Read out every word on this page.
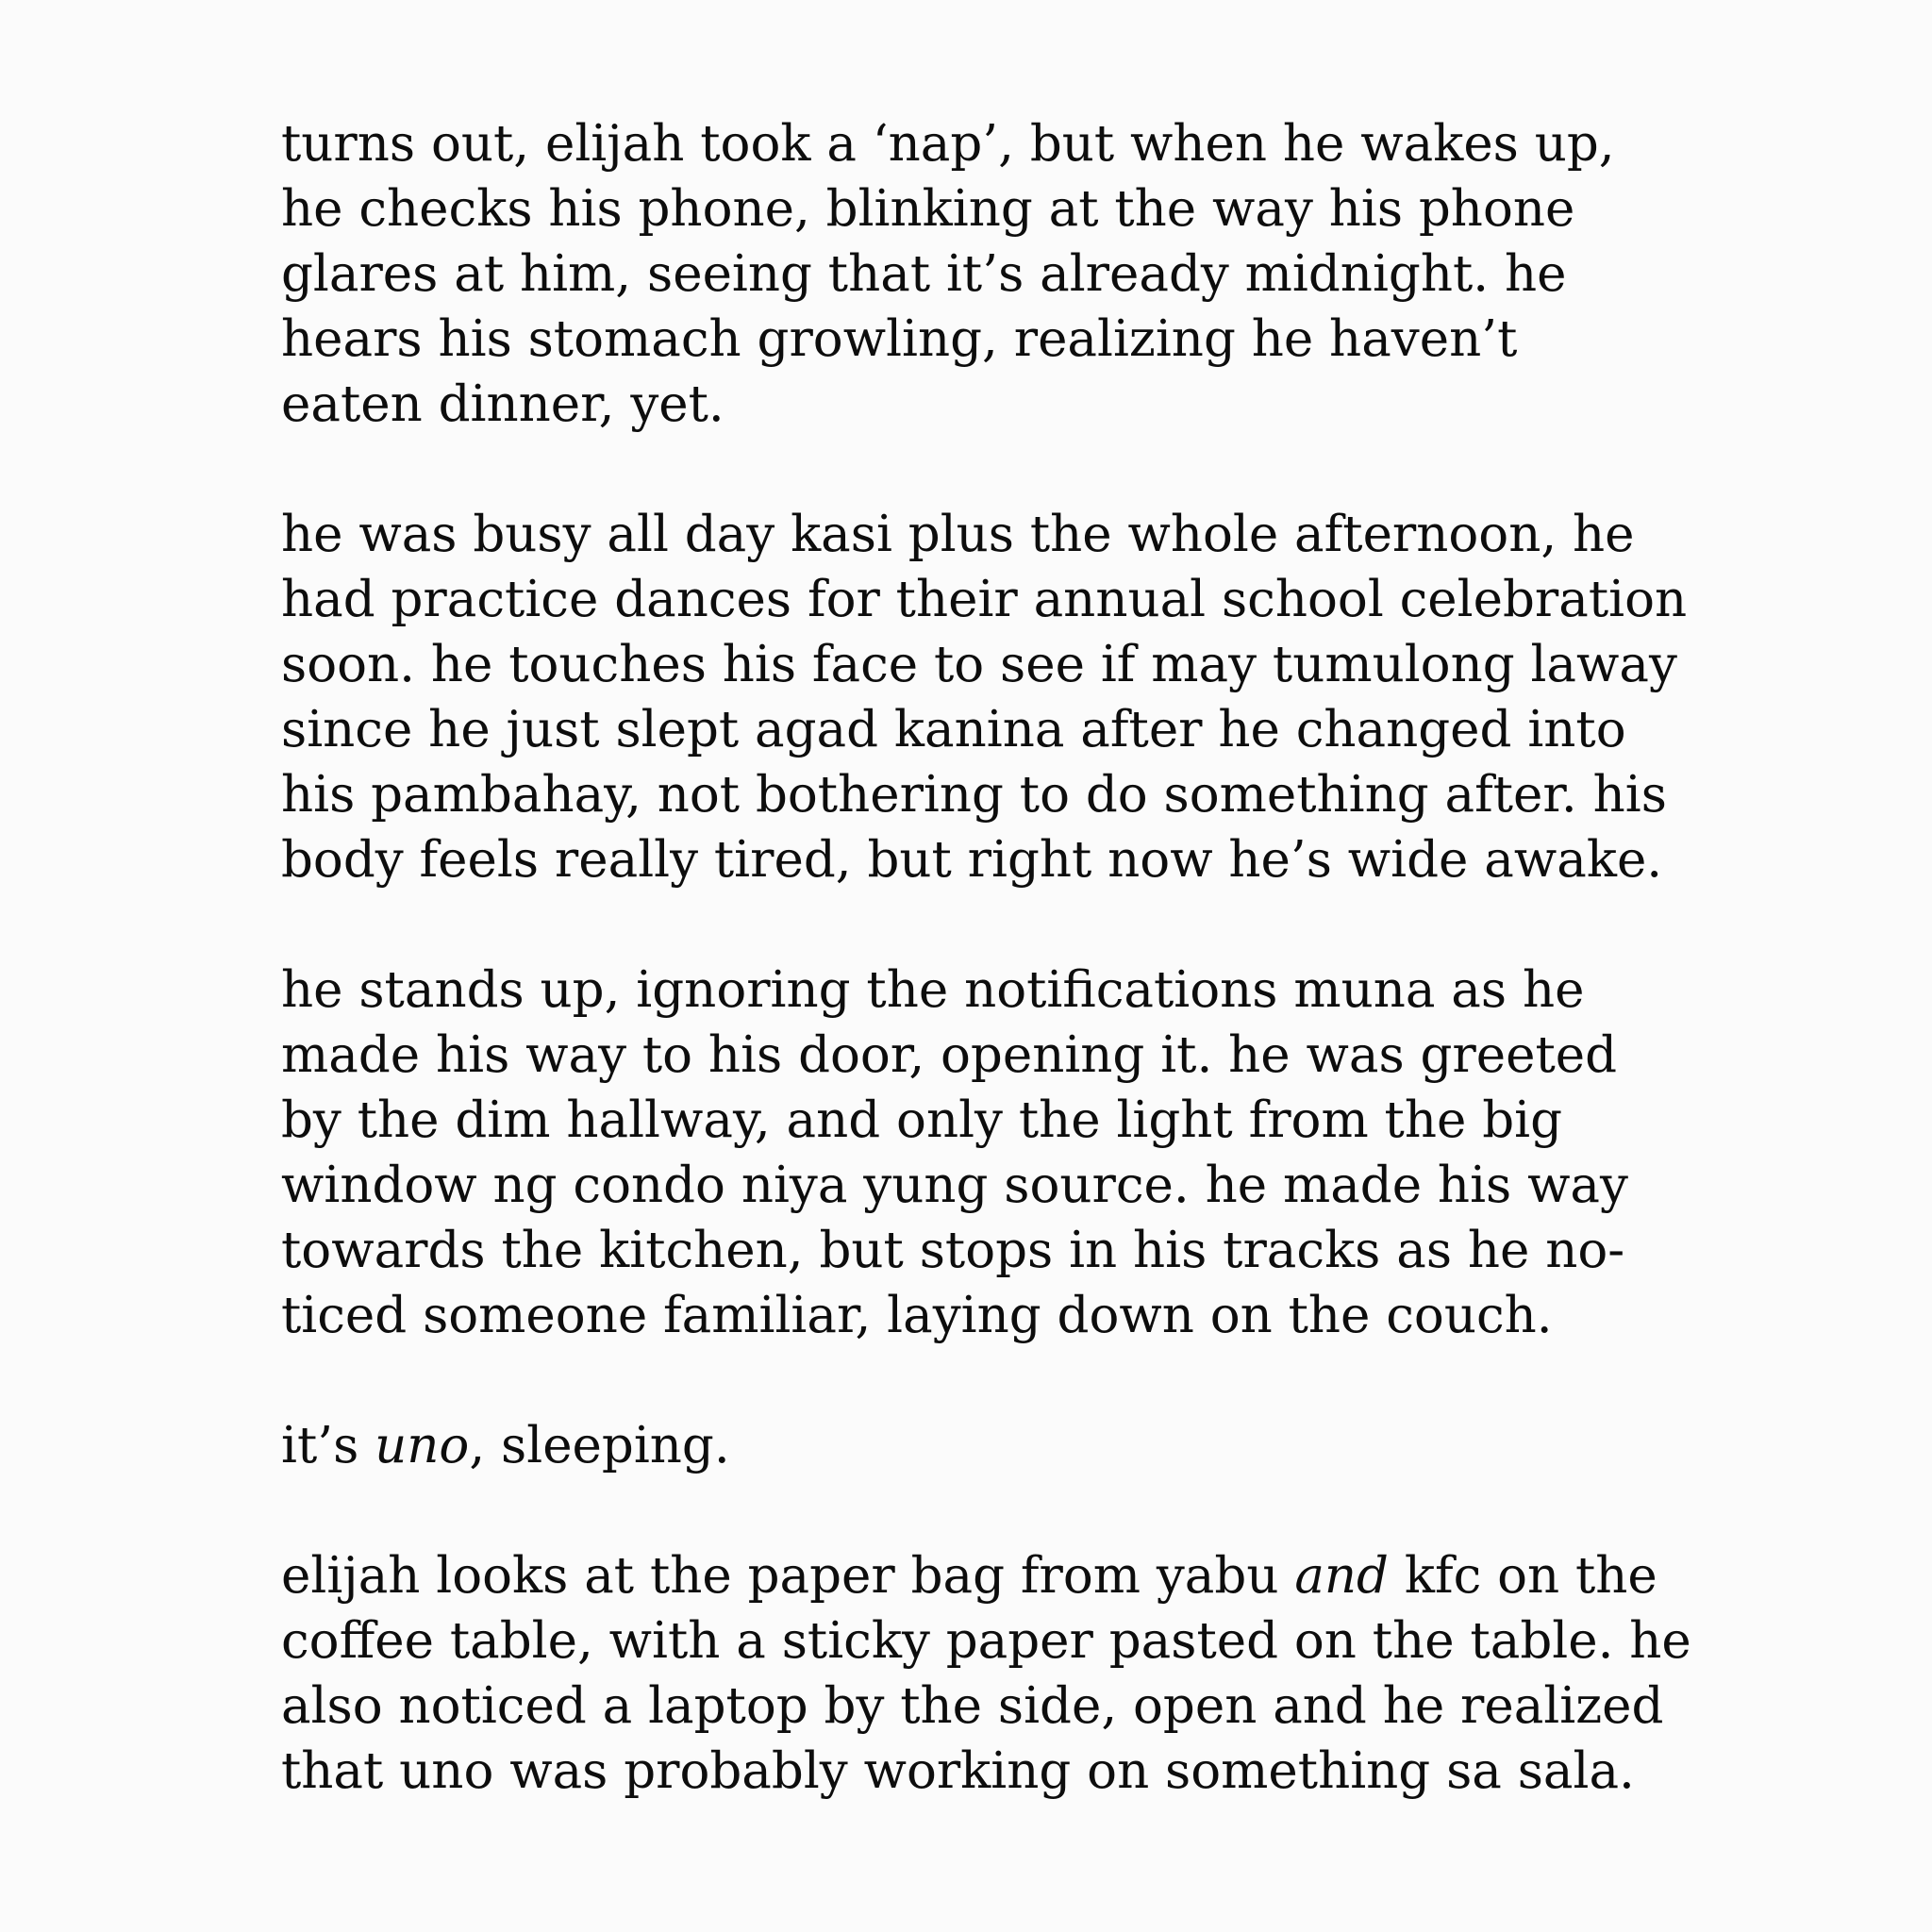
turns out, elijah took a ‘nap’, but when he wakes up,
he checks his phone, blinking at the way his phone
glares at him, seeing that it’s already midnight. he
hears his stomach growling, realizing he haven’t
eaten dinner, yet.

he was busy all day kasi plus the whole afternoon, he
had practice dances for their annual school celebration
soon. he touches his face to see if may tumulong laway
since he just slept agad kanina after he changed into
his pambahay, not bothering to do something after. his
body feels really tired, but right now he’s wide awake.

he stands up, ignoring the notifications muna as he
made his way to his door, opening it. he was greeted
by the dim hallway, and only the light from the big
window ng condo niya yung source. he made his way
towards the kitchen, but stops in his tracks as he no-
ticed someone familiar, laying down on the couch.

it’s uno, sleeping.

elijah looks at the paper bag from yabu and kfc on the
coffee table, with a sticky paper pasted on the table. he
also noticed a laptop by the side, open and he realized
that uno was probably working on something sa sala.
